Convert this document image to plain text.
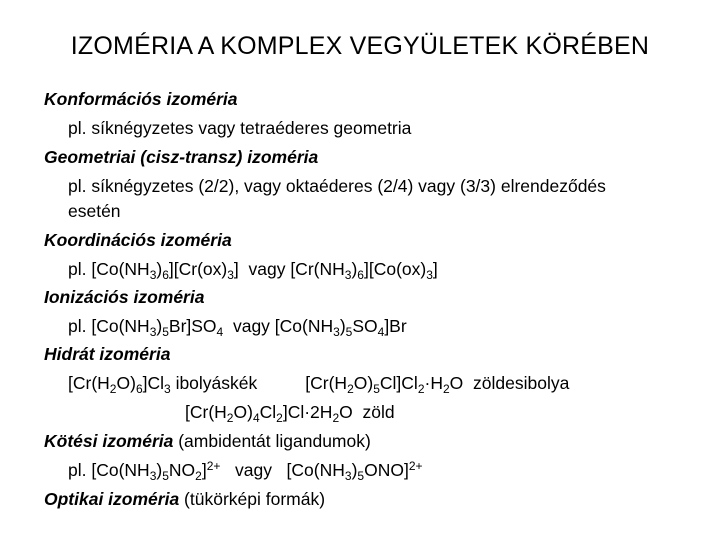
IZOMÉRIA A KOMPLEX VEGYÜLETEK KÖRÉBEN
Konformációs izoméria
pl. síknégyzetes vagy tetraéderes geometria
Geometriai (cisz-transz) izoméria
pl. síknégyzetes (2/2), vagy oktaéderes (2/4) vagy (3/3) elrendeződés
esetén
Koordinációs izoméria
pl. $[Co(NH_3)_6][Cr(ox)_3]$  vagy $[Cr(NH_3)_6][Co(ox)_3]$
Ionizációs izoméria
pl. $[Co(NH_3)_5Br]SO_4$  vagy $[Co(NH_3)_5SO_4]Br$
Hidrát izoméria
$[Cr(H_2O)_6]Cl_3$ ibolyáskék	$[Cr(H_2O)_5Cl]Cl_2\cdot H_2O$  zöldesibolya
$[Cr(H_2O)_4Cl_2]Cl\cdot 2H_2O$  zöld
Kötési izoméria (ambidentát ligandumok)
pl. $[Co(NH_3)_5NO_2]^{2+}$   vagy   $[Co(NH_3)_5ONO]^{2+}$
Optikai izoméria (tükörképi formák)
